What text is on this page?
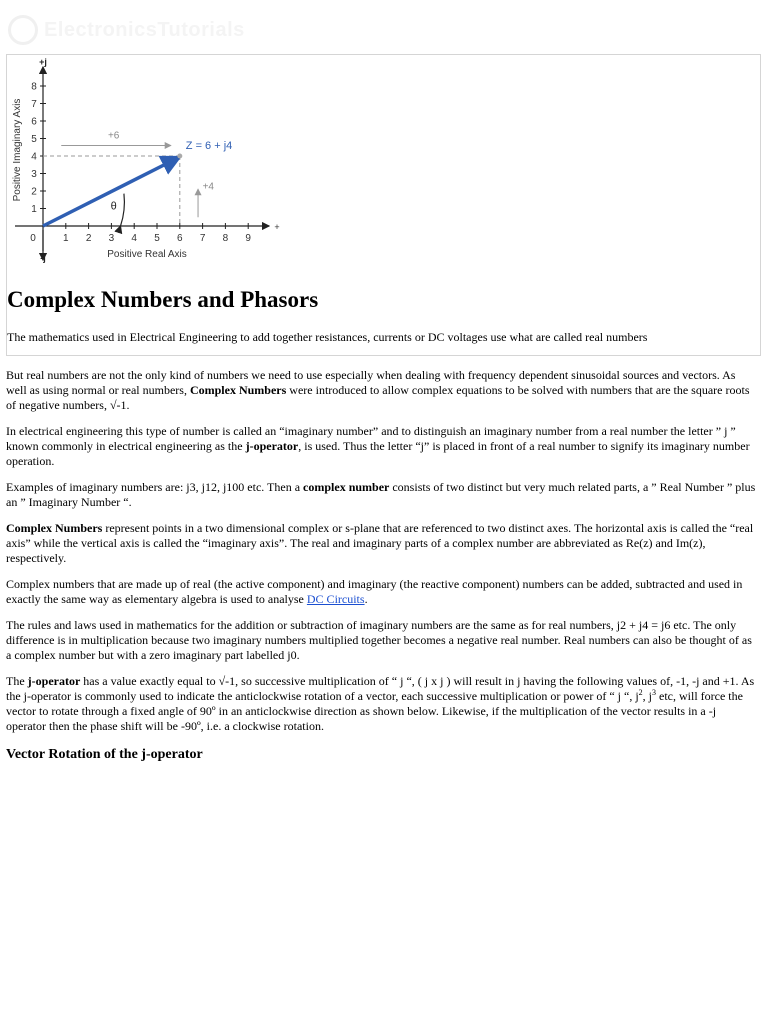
ElectronicsTutorials
1 2 3 4 5 6 7 8 9
1
2
3
4
5
6
7
8
0
+j
-j
+
Positive Real Axis
Positive Imaginary Axis	+6
+4
Z = 6 + j4
θ
Complex Numbers and Phasors

The mathematics used in Electrical Engineering to add together resistances, currents or DC voltages use what are called real numbers

But real numbers are not the only kind of numbers we need to use especially when dealing with frequency dependent sinusoidal sources and vectors. As well as using normal or real numbers, Complex Numbers were introduced to allow complex equations to be solved with numbers that are the square roots of negative numbers, √-1.

In electrical engineering this type of number is called an “imaginary number” and to distinguish an imaginary number from a real number the letter ” j ” known commonly in electrical engineering as the j-operator, is used. Thus the letter “j” is placed in front of a real number to signify its imaginary number operation.

Examples of imaginary numbers are: j3, j12, j100 etc. Then a complex number consists of two distinct but very much related parts, a ” Real Number ” plus an ” Imaginary Number “.

Complex Numbers represent points in a two dimensional complex or s-plane that are referenced to two distinct axes. The horizontal axis is called the “real axis” while the vertical axis is called the “imaginary axis”. The real and imaginary parts of a complex number are abbreviated as Re(z) and Im(z), respectively.

Complex numbers that are made up of real (the active component) and imaginary (the reactive component) numbers can be added, subtracted and used in exactly the same way as elementary algebra is used to analyse DC Circuits.

The rules and laws used in mathematics for the addition or subtraction of imaginary numbers are the same as for real numbers, j2 + j4 = j6 etc. The only difference is in multiplication because two imaginary numbers multiplied together becomes a negative real number. Real numbers can also be thought of as a complex number but with a zero imaginary part labelled j0.

The j-operator has a value exactly equal to √-1, so successive multiplication of “ j “, ( j x j ) will result in j having the following values of, -1, -j and +1. As the j-operator is commonly used to indicate the anticlockwise rotation of a vector, each successive multiplication or power of “ j “, $j^2$, $j^3$ etc, will force the vector to rotate through a fixed angle of 90º in an anticlockwise direction as shown below. Likewise, if the multiplication of the vector results in a -j operator then the phase shift will be -90º, i.e. a clockwise rotation.

Vector Rotation of the j-operator
